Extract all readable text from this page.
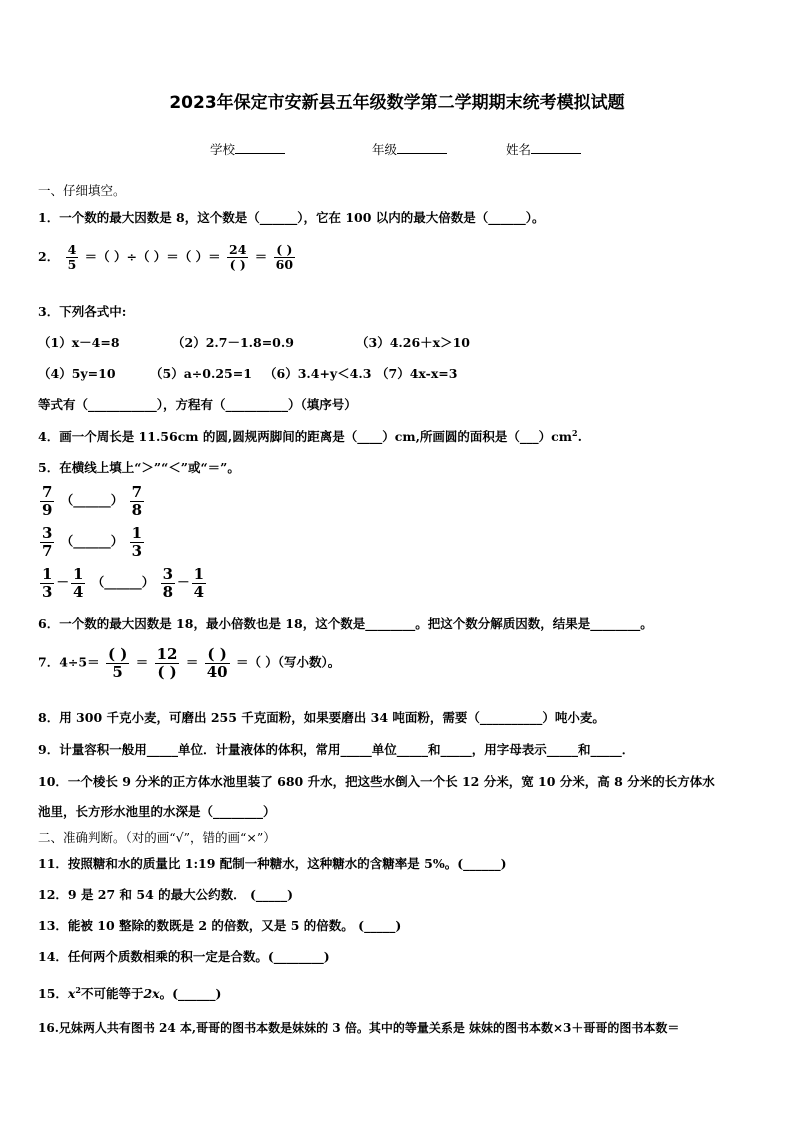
2023年保定市安新县五年级数学第二学期期末统考模拟试题
学校	年级	姓名
一、仔细填空。
1．一个数的最大因数是 8，这个数是（______），它在 100 以内的最大倍数是（______）。
2． $\frac{4}{5}$ ＝（ ）÷（ ）＝（ ）＝ $\frac{24}{( )} = \frac{( )}{60}$
3．下列各式中:
（1）x－4=8	（2）2.7－1.8=0.9	（3）4.26＋x＞10
（4）5y=10	（5）a÷0.25=1 （6）3.4+y＜4.3 （7）4x-x=3
等式有（___________），方程有（__________）（填序号）
4．画一个周长是 11.56cm 的圆,圆规两脚间的距离是（____）cm,所画圆的面积是$(\_\_\_)cm^2$.
5．在横线上填上“＞”“＜”或“＝”。
$\frac{7}{9}$ （______） $\frac{7}{8}$
$\frac{3}{7}$ （______） $\frac{1}{3}$
$\frac{1}{3} - \frac{1}{4}$ （______） $\frac{3}{8} - \frac{1}{4}$
6．一个数的最大因数是 18，最小倍数也是 18，这个数是________。把这个数分解质因数，结果是________。
7．$4\div 5= \frac{( )}{5} = \frac{12}{( )} = \frac{( )}{40}$ ＝（ ）（写小数）。
8．用 300 千克小麦，可磨出 255 千克面粉，如果要磨出 34 吨面粉，需要（__________）吨小麦。
9．计量容积一般用_____单位．计量液体的体积，常用_____单位_____和_____，用字母表示_____和_____．
10．一个棱长 9 分米的正方体水池里装了 680 升水，把这些水倒入一个长 12 分米，宽 10 分米，高 8 分米的长方体水
池里，长方形水池里的水深是（________）
二、准确判断。（对的画“√”，错的画“×”）
11．按照糖和水的质量比 1:19 配制一种糖水，这种糖水的含糖率是 5%。(______)
12．9 是 27 和 54 的最大公约数． (_____)
13．能被 10 整除的数既是 2 的倍数，又是 5 的倍数。 (_____)
14．任何两个质数相乘的积一定是合数。(________)
15．$x^2$不可能等于2x。(______)
16.兄妹两人共有图书 24 本,哥哥的图书本数是妹妹的 3 倍。其中的等量关系是 妹妹的图书本数×3＋哥哥的图书本数＝
